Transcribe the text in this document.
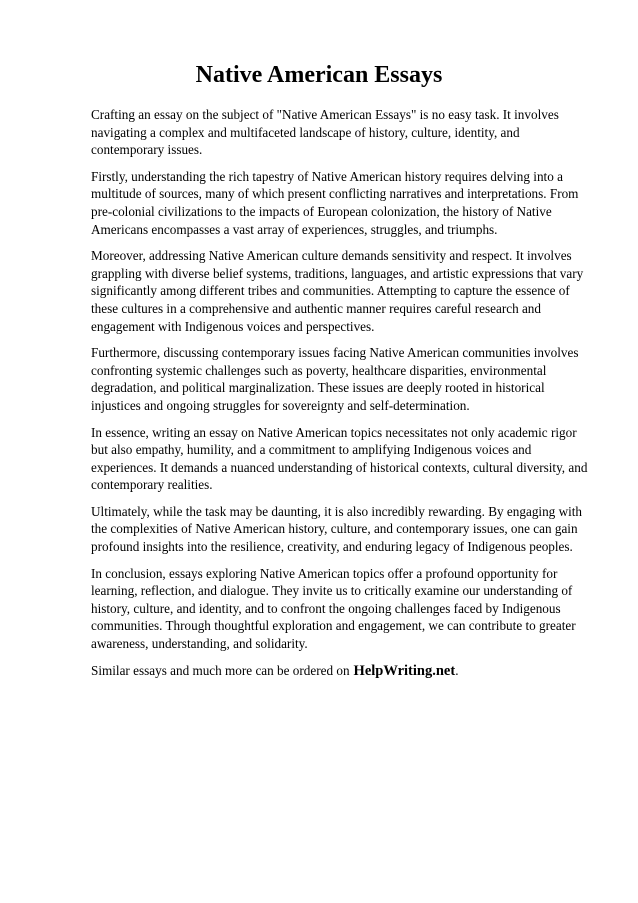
Native American Essays

Crafting an essay on the subject of "Native American Essays" is no easy task. It involves navigating a complex and multifaceted landscape of history, culture, identity, and contemporary issues.

Firstly, understanding the rich tapestry of Native American history requires delving into a multitude of sources, many of which present conflicting narratives and interpretations. From pre-colonial civilizations to the impacts of European colonization, the history of Native Americans encompasses a vast array of experiences, struggles, and triumphs.

Moreover, addressing Native American culture demands sensitivity and respect. It involves grappling with diverse belief systems, traditions, languages, and artistic expressions that vary significantly among different tribes and communities. Attempting to capture the essence of these cultures in a comprehensive and authentic manner requires careful research and engagement with Indigenous voices and perspectives.

Furthermore, discussing contemporary issues facing Native American communities involves confronting systemic challenges such as poverty, healthcare disparities, environmental degradation, and political marginalization. These issues are deeply rooted in historical injustices and ongoing struggles for sovereignty and self-determination.

In essence, writing an essay on Native American topics necessitates not only academic rigor but also empathy, humility, and a commitment to amplifying Indigenous voices and experiences. It demands a nuanced understanding of historical contexts, cultural diversity, and contemporary realities.

Ultimately, while the task may be daunting, it is also incredibly rewarding. By engaging with the complexities of Native American history, culture, and contemporary issues, one can gain profound insights into the resilience, creativity, and enduring legacy of Indigenous peoples.

In conclusion, essays exploring Native American topics offer a profound opportunity for learning, reflection, and dialogue. They invite us to critically examine our understanding of history, culture, and identity, and to confront the ongoing challenges faced by Indigenous communities. Through thoughtful exploration and engagement, we can contribute to greater awareness, understanding, and solidarity.

Similar essays and much more can be ordered on HelpWriting.net.
